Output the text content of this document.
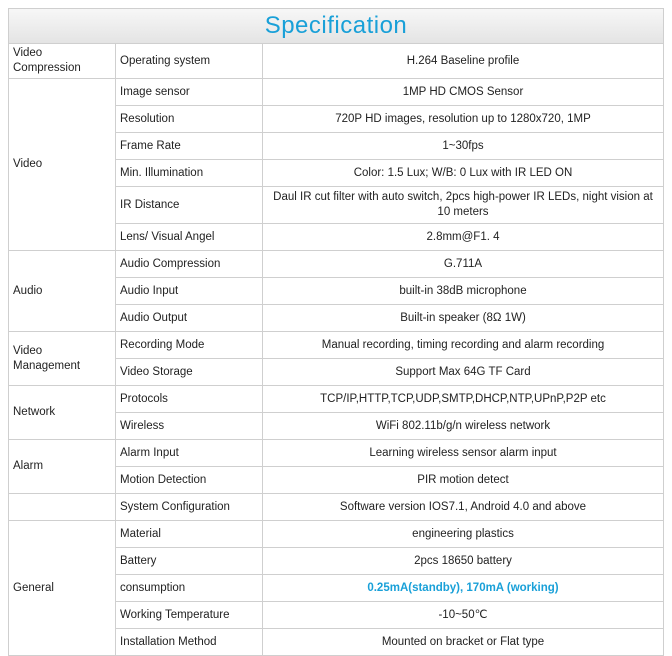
Specification
Video Compression	Operating system	H.264 Baseline profile
Video	Image sensor	1MP HD CMOS Sensor
	Resolution	720P HD images, resolution up to 1280x720, 1MP
	Frame Rate	1~30fps
	Min. Illumination	Color: 1.5 Lux; W/B: 0 Lux with IR LED ON
	IR Distance	Daul IR cut filter with auto switch, 2pcs high-power IR LEDs, night vision at 10 meters
	Lens/ Visual Angel	2.8mm@F1. 4
Audio	Audio Compression	G.711A
	Audio Input	built-in 38dB microphone
	Audio Output	Built-in speaker (8Ω 1W)
Video Management	Recording Mode	Manual recording, timing recording and alarm recording
	Video Storage	Support Max 64G TF Card
Network	Protocols	TCP/IP,HTTP,TCP,UDP,SMTP,DHCP,NTP,UPnP,P2P etc
	Wireless	WiFi 802.11b/g/n wireless network
Alarm	Alarm Input	Learning wireless sensor alarm input
	Motion Detection	PIR motion detect
	System Configuration	Software version IOS7.1, Android 4.0 and above
General	Material	engineering plastics
	Battery	2pcs 18650 battery
	consumption	0.25mA(standby), 170mA (working)
	Working Temperature	-10~50℃
	Installation Method	Mounted on bracket or Flat type
